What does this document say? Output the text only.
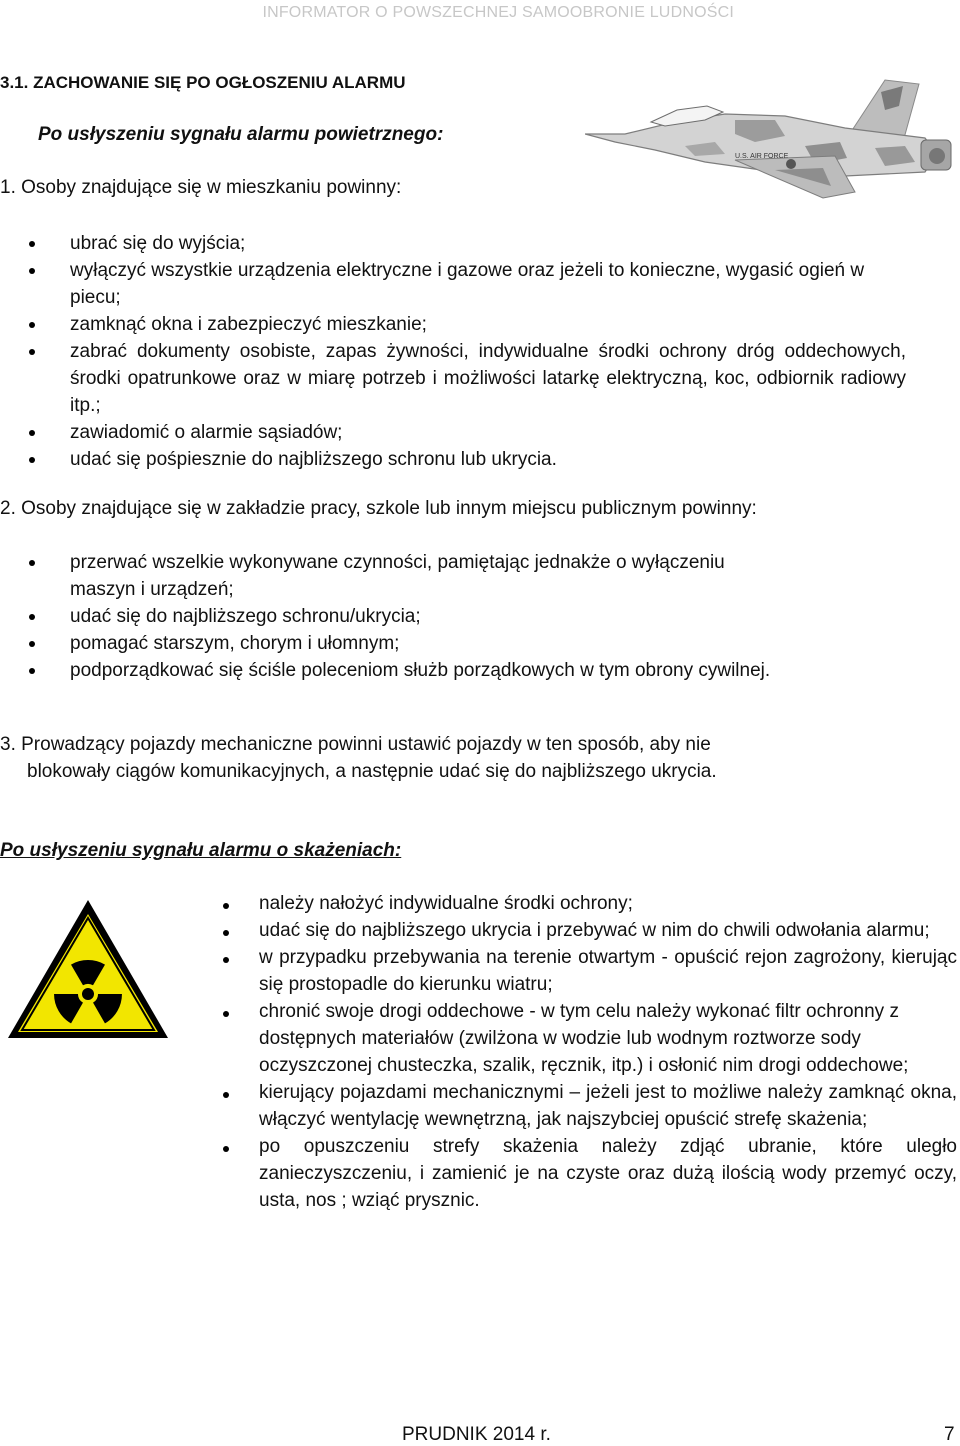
INFORMATOR O POWSZECHNEJ SAMOOBRONIE LUDNOŚCI
3.1. ZACHOWANIE SIĘ PO OGŁOSZENIU ALARMU
Po usłyszeniu sygnału alarmu powietrznego:
U.S. AIR FORCE
1. Osoby znajdujące się w mieszkaniu powinny:
ubrać się do wyjścia;
wyłączyć wszystkie urządzenia elektryczne i gazowe oraz jeżeli to konieczne, wygasić ogień w piecu;
zamknąć okna i zabezpieczyć mieszkanie;
zabrać dokumenty osobiste, zapas żywności, indywidualne środki ochrony dróg oddechowych, środki opatrunkowe oraz w miarę potrzeb i możliwości latarkę elektryczną, koc, odbiornik radiowy itp.;
zawiadomić o alarmie sąsiadów;
udać się pośpiesznie do najbliższego schronu lub ukrycia.
2. Osoby znajdujące się w zakładzie pracy, szkole lub innym miejscu publicznym powinny:
przerwać wszelkie wykonywane czynności, pamiętając jednakże o wyłączeniu maszyn i urządzeń;
udać się do najbliższego schronu/ukrycia;
pomagać starszym, chorym i ułomnym;
podporządkować się ściśle poleceniom służb porządkowych w tym obrony cywilnej.
3. Prowadzący pojazdy mechaniczne powinni ustawić pojazdy w ten sposób, aby nie
blokowały ciągów komunikacyjnych, a następnie udać się do najbliższego ukrycia.
Po usłyszeniu sygnału alarmu o skażeniach:
należy nałożyć indywidualne środki ochrony;
udać się do najbliższego ukrycia i przebywać w nim do chwili odwołania alarmu;
w przypadku przebywania na terenie otwartym - opuścić rejon zagrożony, kierując się prostopadle do kierunku wiatru;
chronić swoje drogi oddechowe - w tym celu należy wykonać filtr ochronny z dostępnych materiałów (zwilżona w wodzie lub wodnym roztworze sody oczyszczonej chusteczka, szalik, ręcznik, itp.) i osłonić nim drogi oddechowe;
kierujący pojazdami mechanicznymi – jeżeli jest to możliwe należy zamknąć okna, włączyć wentylację wewnętrzną, jak najszybciej opuścić strefę skażenia;
po opuszczeniu strefy skażenia należy zdjąć ubranie, które uległo zanieczyszczeniu, i zamienić je na czyste oraz dużą ilością wody przemyć oczy, usta, nos ; wziąć prysznic.
PRUDNIK 2014 r.	7
